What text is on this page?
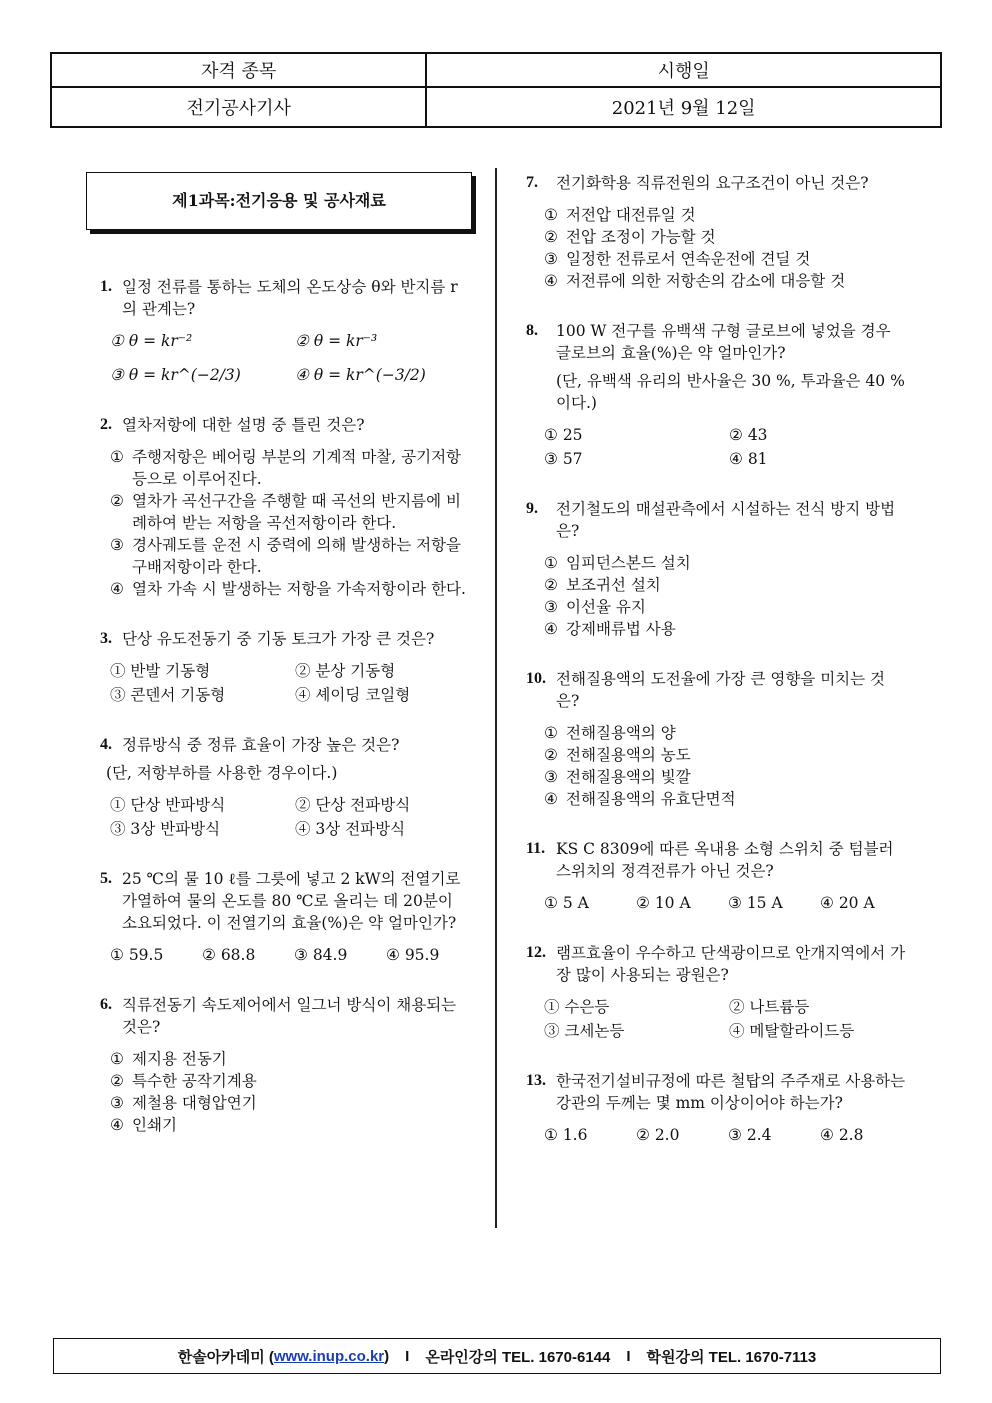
자격 종목	시행일
전기공사기사	2021년 9월 12일
제1과목:전기응용 및 공사재료
1. 일정 전류를 통하는 도체의 온도상승 θ와 반지름 r의 관계는?
① θ = kr⁻²	② θ = kr⁻³
③ θ = kr^(−2/3)	④ θ = kr^(−3/2)
2. 열차저항에 대한 설명 중 틀린 것은?
① 주행저항은 베어링 부분의 기계적 마찰, 공기저항 등으로 이루어진다.
② 열차가 곡선구간을 주행할 때 곡선의 반지름에 비례하여 받는 저항을 곡선저항이라 한다.
③ 경사궤도를 운전 시 중력에 의해 발생하는 저항을 구배저항이라 한다.
④ 열차 가속 시 발생하는 저항을 가속저항이라 한다.
3. 단상 유도전동기 중 기동 토크가 가장 큰 것은?
① 반발 기동형	② 분상 기동형
③ 콘덴서 기동형	④ 셰이딩 코일형
4. 정류방식 중 정류 효율이 가장 높은 것은?
(단, 저항부하를 사용한 경우이다.)
① 단상 반파방식	② 단상 전파방식
③ 3상 반파방식	④ 3상 전파방식
5. 25 ℃의 물 10 ℓ를 그릇에 넣고 2 kW의 전열기로 가열하여 물의 온도를 80 ℃로 올리는 데 20분이 소요되었다. 이 전열기의 효율(%)은 약 얼마인가?
① 59.5	② 68.8	③ 84.9	④ 95.9
6. 직류전동기 속도제어에서 일그너 방식이 채용되는 것은?
① 제지용 전동기
② 특수한 공작기계용
③ 제철용 대형압연기
④ 인쇄기
7.	전기화학용 직류전원의 요구조건이 아닌 것은?
① 저전압 대전류일 것
② 전압 조정이 가능할 것
③ 일정한 전류로서 연속운전에 견딜 것
④ 저전류에 의한 저항손의 감소에 대응할 것
8.	100 W 전구를 유백색 구형 글로브에 넣었을 경우 글로브의 효율(%)은 약 얼마인가?
(단, 유백색 유리의 반사율은 30 %, 투과율은 40 %이다.)
① 25	② 43
③ 57	④ 81
9.	전기철도의 매설관측에서 시설하는 전식 방지 방법은?
① 임피던스본드 설치
② 보조귀선 설치
③ 이선율 유지
④ 강제배류법 사용
10. 전해질용액의 도전율에 가장 큰 영향을 미치는 것은?
① 전해질용액의 양
② 전해질용액의 농도
③ 전해질용액의 빛깔
④ 전해질용액의 유효단면적
11. KS C 8309에 따른 옥내용 소형 스위치 중 텀블러스위치의 정격전류가 아닌 것은?
① 5 A	② 10 A	③ 15 A	④ 20 A
12. 램프효율이 우수하고 단색광이므로 안개지역에서 가장 많이 사용되는 광원은?
① 수은등	② 나트륨등
③ 크세논등	④ 메탈할라이드등
13. 한국전기설비규정에 따른 철탑의 주주재로 사용하는 강관의 두께는 몇 mm 이상이어야 하는가?
① 1.6	② 2.0	③ 2.4	④ 2.8
한솔아카데미 ( www.inup.co.kr ) I 온라인강의 TEL. 1670-6144 I 학원강의 TEL. 1670-7113
